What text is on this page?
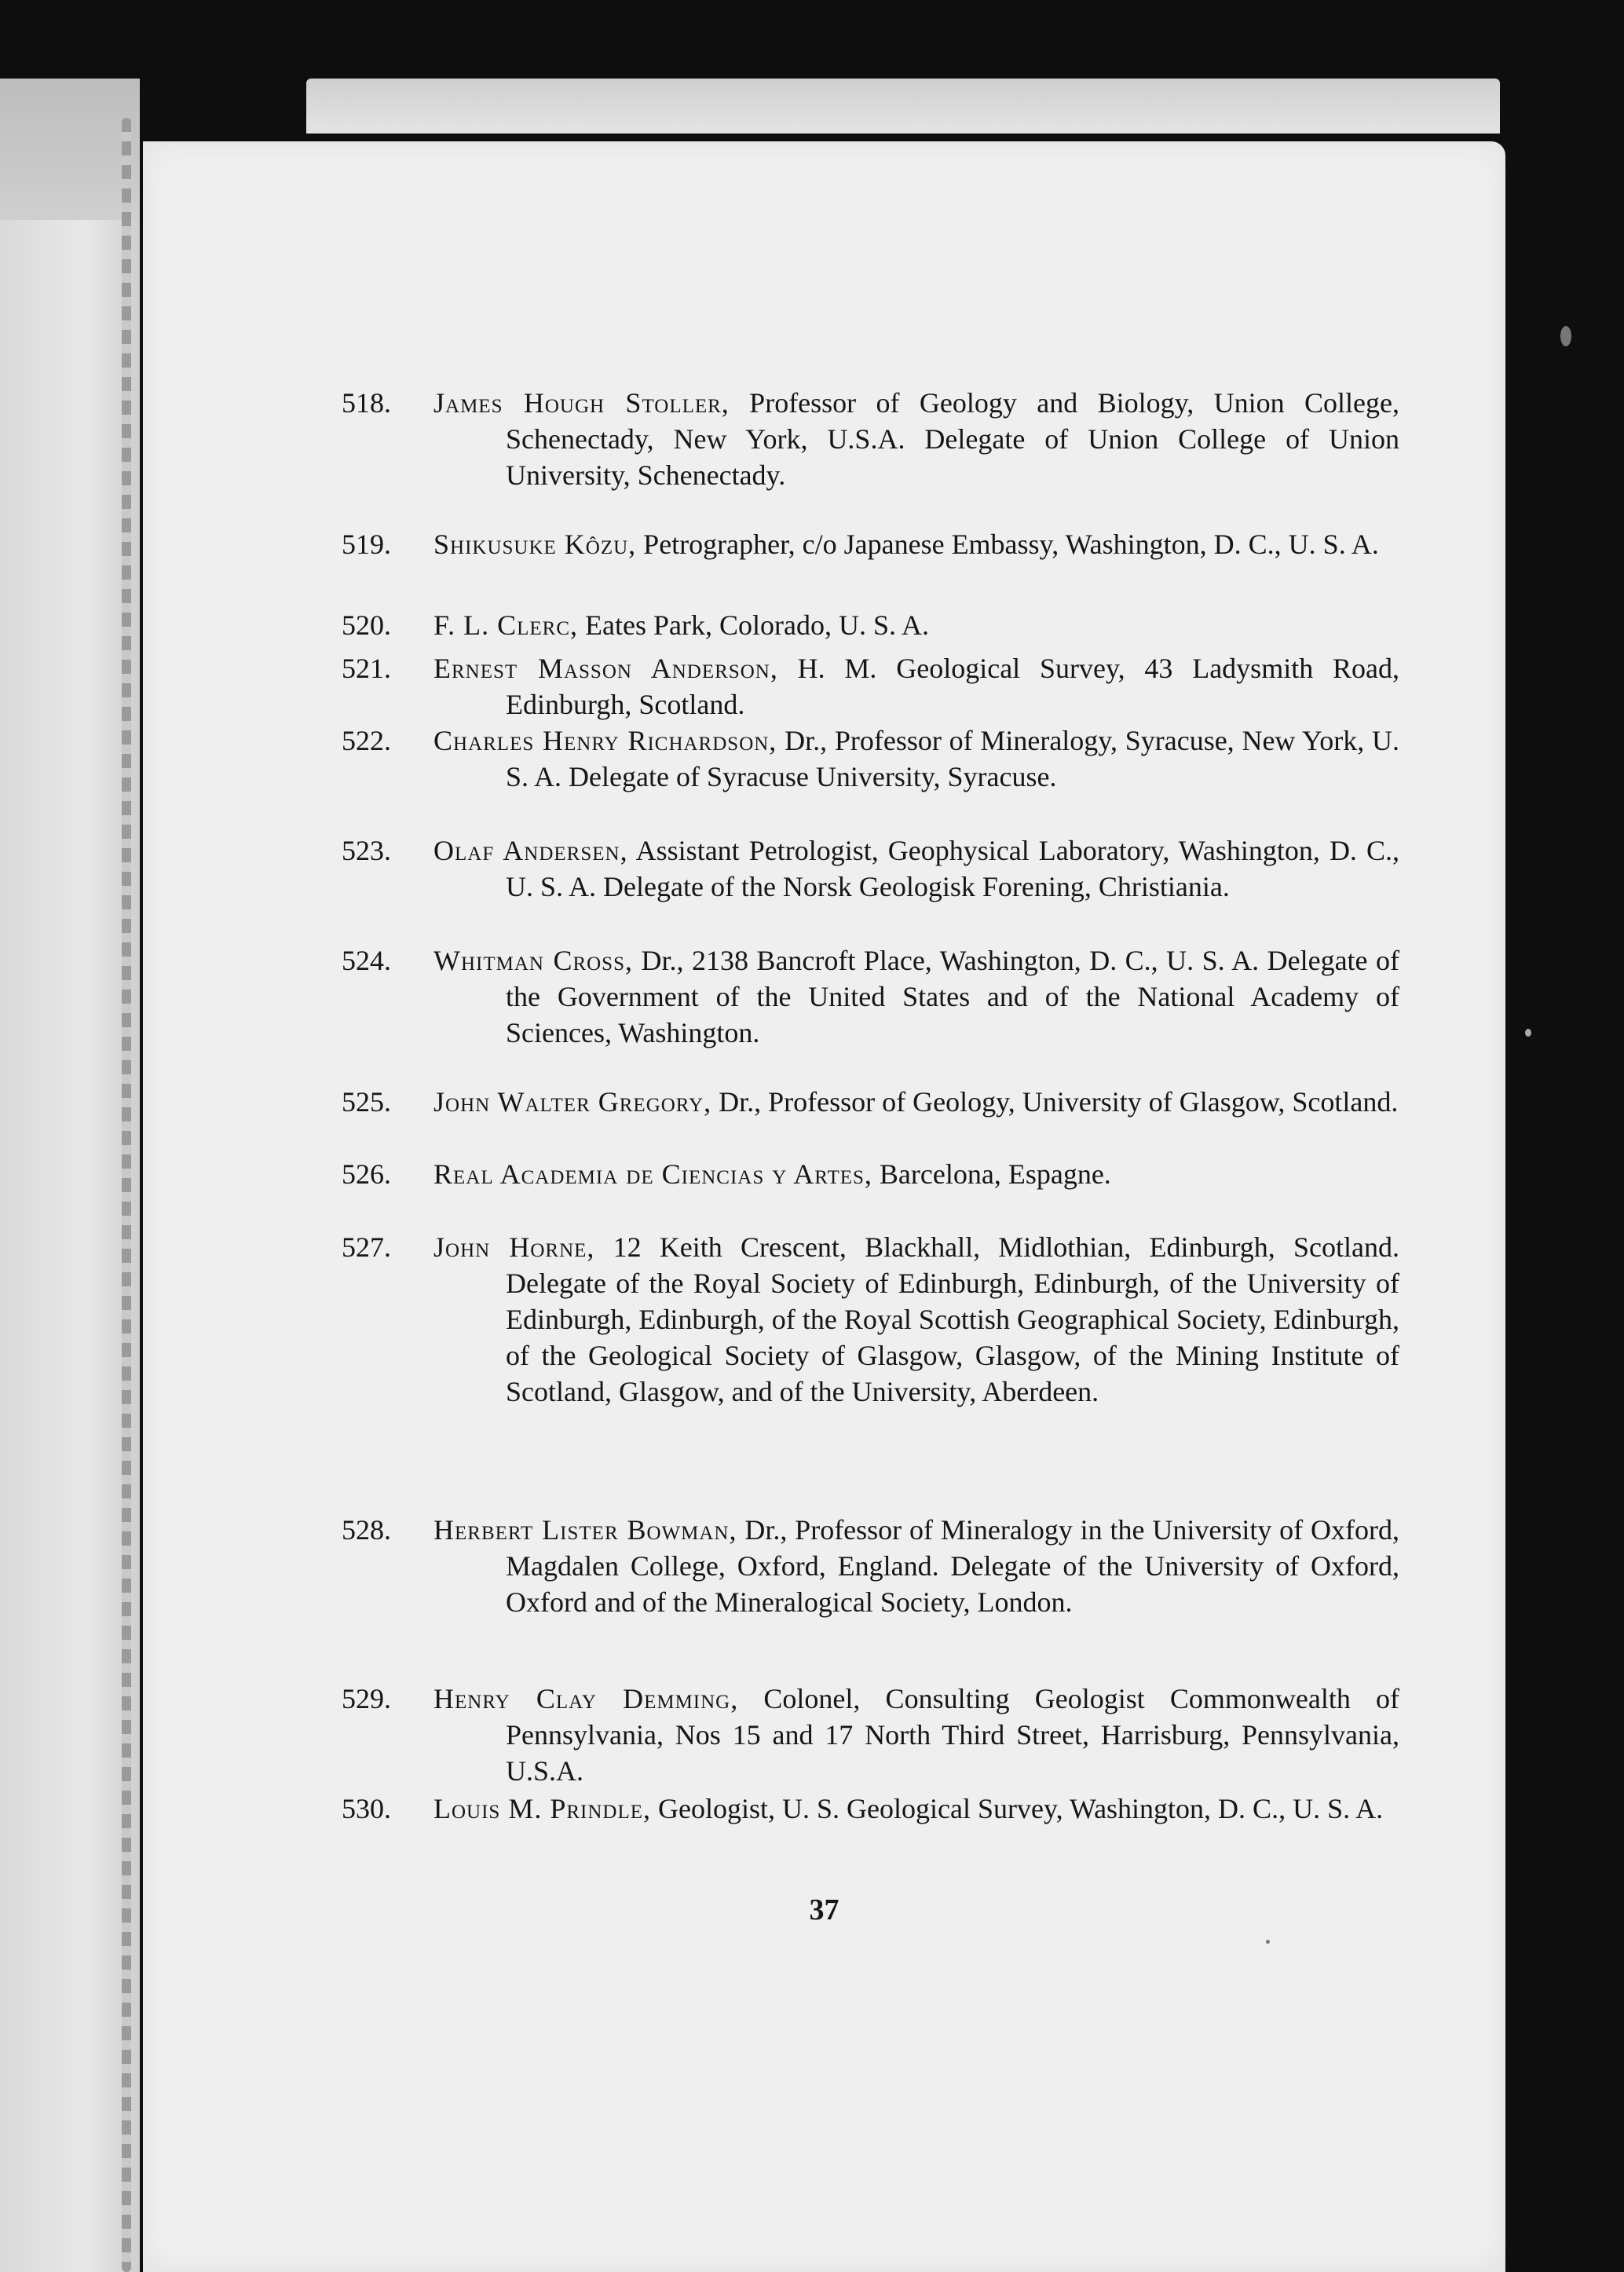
518. James Hough Stoller, Professor of Geology and Biology, Union College, Schenectady, New York, U.S.A. Delegate of Union College of Union University, Schenectady.
519. Shikusuke Kôzu, Petrographer, c/o Japanese Embassy, Washington, D. C., U. S. A.
520. F. L. Clerc, Eates Park, Colorado, U. S. A.
521. Ernest Masson Anderson, H. M. Geological Survey, 43 Ladysmith Road, Edinburgh, Scotland.
522. Charles Henry Richardson, Dr., Professor of Mineralogy, Syracuse, New York, U. S. A. Delegate of Syracuse University, Syracuse.
523. Olaf Andersen, Assistant Petrologist, Geophysical Laboratory, Washington, D. C., U. S. A. Delegate of the Norsk Geologisk Forening, Christiania.
524. Whitman Cross, Dr., 2138 Bancroft Place, Washington, D. C., U. S. A. Delegate of the Government of the United States and of the National Academy of Sciences, Washington.
525. John Walter Gregory, Dr., Professor of Geology, University of Glasgow, Scotland.
526. Real Academia de Ciencias y Artes, Barcelona, Espagne.
527. John Horne, 12 Keith Crescent, Blackhall, Midlothian, Edinburgh, Scotland. Delegate of the Royal Society of Edinburgh, Edinburgh, of the University of Edinburgh, Edinburgh, of the Royal Scottish Geographical Society, Edinburgh, of the Geological Society of Glasgow, Glasgow, of the Mining Institute of Scotland, Glasgow, and of the University, Aberdeen.
528. Herbert Lister Bowman, Dr., Professor of Mineralogy in the University of Oxford, Magdalen College, Oxford, England. Delegate of the University of Oxford, Oxford and of the Mineralogical Society, London.
529. Henry Clay Demming, Colonel, Consulting Geologist Commonwealth of Pennsylvania, Nos 15 and 17 North Third Street, Harrisburg, Pennsylvania, U.S.A.
530. Louis M. Prindle, Geologist, U. S. Geological Survey, Washington, D. C., U. S. A.
37
